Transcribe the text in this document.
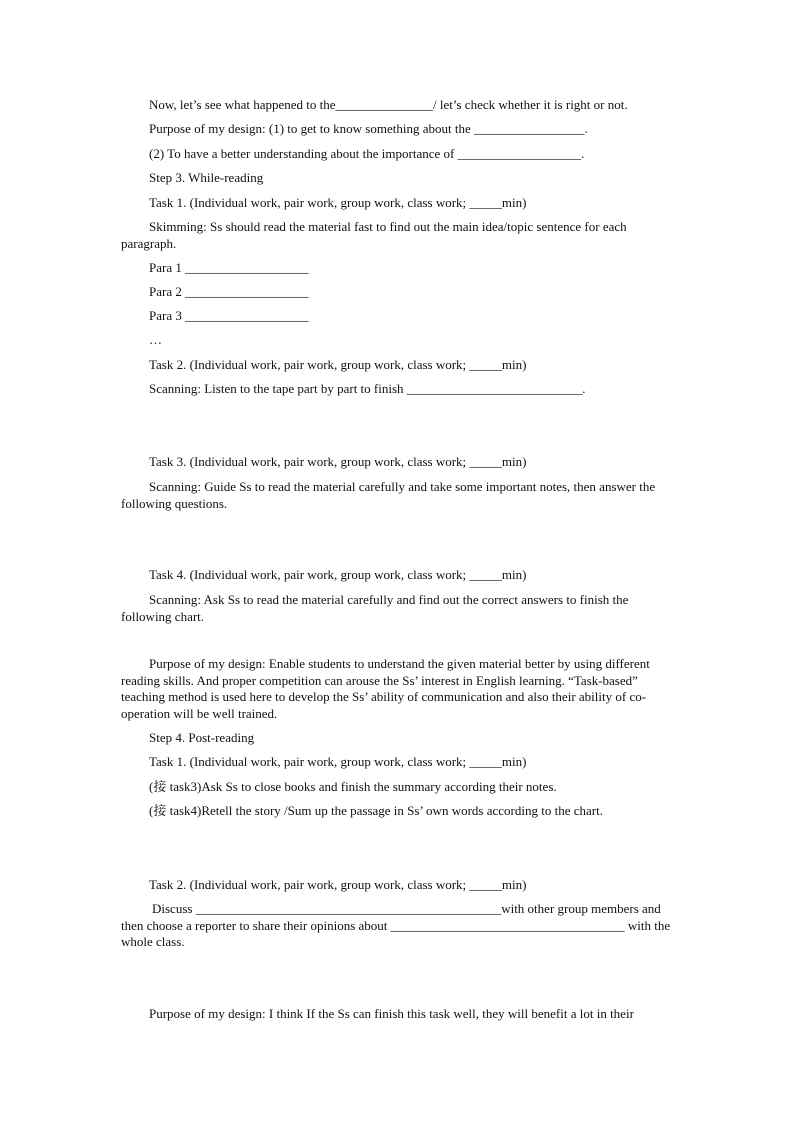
Now, let’s see what happened to the_______________/ let’s check whether it is right or not.
Purpose of my design: (1) to get to know something about the _________________.
(2) To have a better understanding about the importance of ___________________.
Step 3. While-reading
Task 1. (Individual work, pair work, group work, class work; _____min)
Skimming: Ss should read the material fast to find out the main idea/topic sentence for each paragraph.
Para 1 ___________________
Para 2 ___________________
Para 3 ___________________
…
Task 2. (Individual work, pair work, group work, class work; _____min)
Scanning: Listen to the tape part by part to finish ___________________________.
Task 3. (Individual work, pair work, group work, class work; _____min)
Scanning: Guide Ss to read the material carefully and take some important notes, then answer the following questions.
Task 4. (Individual work, pair work, group work, class work; _____min)
Scanning: Ask Ss to read the material carefully and find out the correct answers to finish the following chart.
Purpose of my design: Enable students to understand the given material better by using different reading skills. And proper competition can arouse the Ss’ interest in English learning. “Task-based” teaching method is used here to develop the Ss’ ability of communication and also their ability of co-operation will be well trained.
Step 4. Post-reading
Task 1. (Individual work, pair work, group work, class work; _____min)
(接 task3)Ask Ss to close books and finish the summary according their notes.
(接 task4)Retell the story /Sum up the passage in Ss’ own words according to the chart.
Task 2. (Individual work, pair work, group work, class work; _____min)
Discuss _______________________________________________with other group members and then choose a reporter to share their opinions about ____________________________________ with the whole class.
Purpose of my design: I think If the Ss can finish this task well, they will benefit a lot in their
